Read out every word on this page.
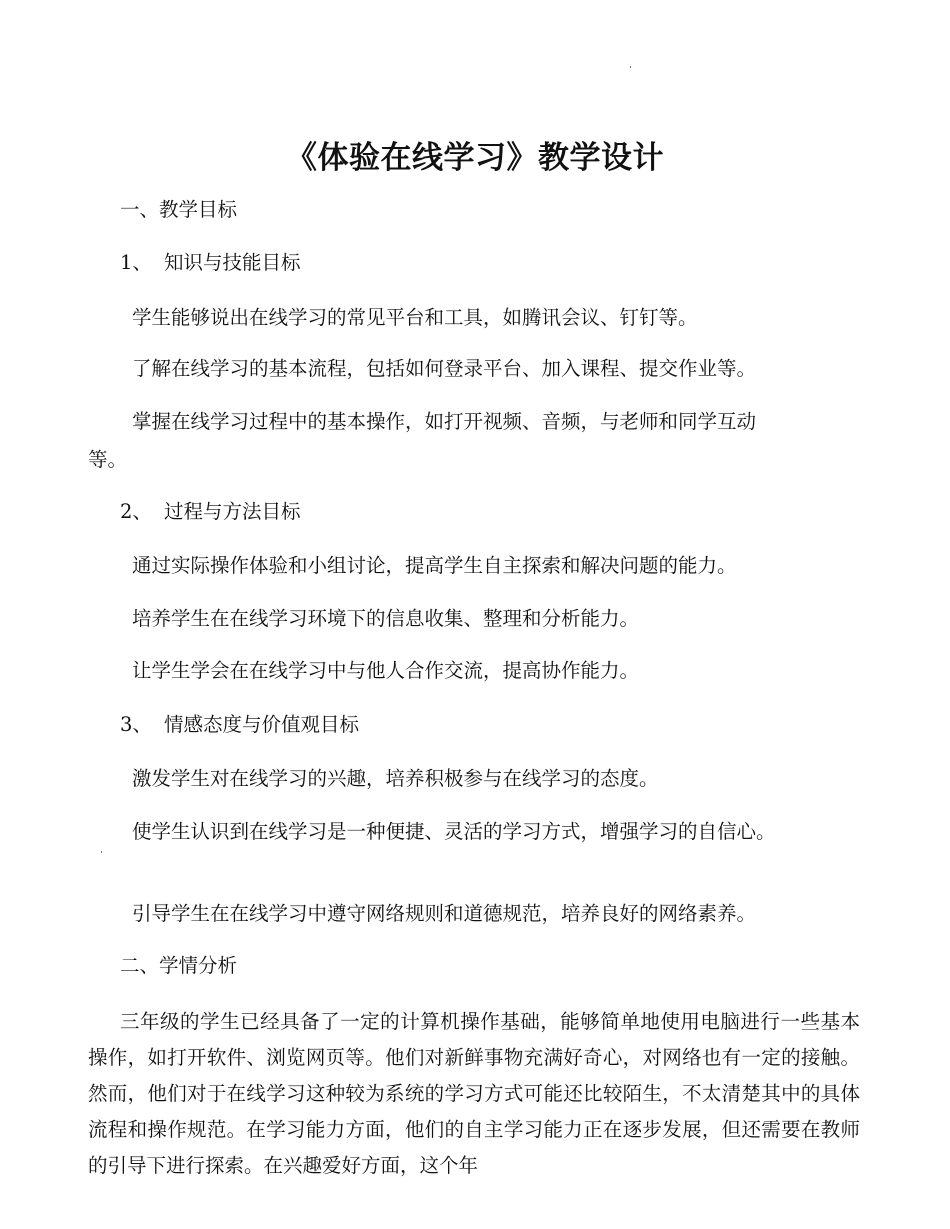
《体验在线学习》教学设计
一、教学目标
1、 知识与技能目标
学生能够说出在线学习的常见平台和工具，如腾讯会议、钉钉等。
了解在线学习的基本流程，包括如何登录平台、加入课程、提交作业等。
掌握在线学习过程中的基本操作，如打开视频、音频，与老师和同学互动
等。
2、 过程与方法目标
通过实际操作体验和小组讨论，提高学生自主探索和解决问题的能力。
培养学生在在线学习环境下的信息收集、整理和分析能力。
让学生学会在在线学习中与他人合作交流，提高协作能力。
3、 情感态度与价值观目标
激发学生对在线学习的兴趣，培养积极参与在线学习的态度。
使学生认识到在线学习是一种便捷、灵活的学习方式，增强学习的自信心。
引导学生在在线学习中遵守网络规则和道德规范，培养良好的网络素养。
二、学情分析
三年级的学生已经具备了一定的计算机操作基础，能够简单地使用电脑进行一些基本操作，如打开软件、浏览网页等。他们对新鲜事物充满好奇心，对网络也有一定的接触。然而，他们对于在线学习这种较为系统的学习方式可能还比较陌生，不太清楚其中的具体流程和操作规范。在学习能力方面，他们的自主学习能力正在逐步发展，但还需要在教师的引导下进行探索。在兴趣爱好方面，这个年
